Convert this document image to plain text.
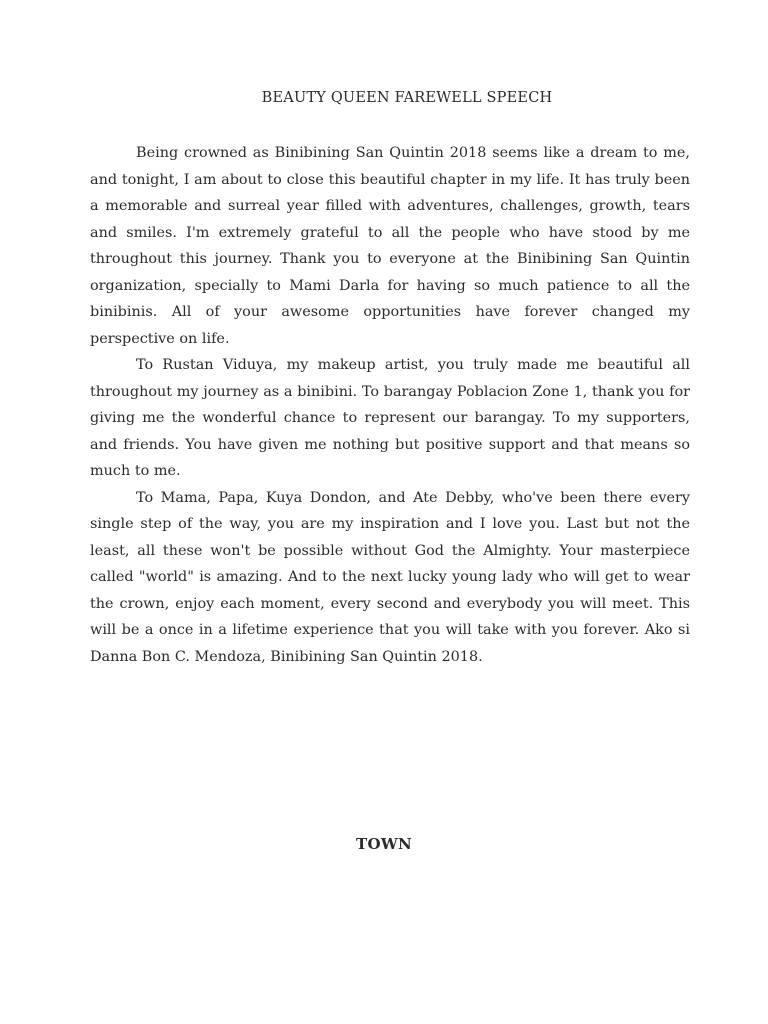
BEAUTY QUEEN FAREWELL SPEECH

Being crowned as Binibining San Quintin 2018 seems like a dream to me, and tonight, I am about to close this beautiful chapter in my life. It has truly been a memorable and surreal year filled with adventures, challenges, growth, tears and smiles. I'm extremely grateful to all the people who have stood by me throughout this journey. Thank you to everyone at the Binibining San Quintin organization, specially to Mami Darla for having so much patience to all the binibinis. All of your awesome opportunities have forever changed my perspective on life.

To Rustan Viduya, my makeup artist, you truly made me beautiful all throughout my journey as a binibini. To barangay Poblacion Zone 1, thank you for giving me the wonderful chance to represent our barangay. To my supporters, and friends. You have given me nothing but positive support and that means so much to me.

To Mama, Papa, Kuya Dondon, and Ate Debby, who've been there every single step of the way, you are my inspiration and I love you. Last but not the least, all these won't be possible without God the Almighty. Your masterpiece called "world" is amazing. And to the next lucky young lady who will get to wear the crown, enjoy each moment, every second and everybody you will meet. This will be a once in a lifetime experience that you will take with you forever. Ako si Danna Bon C. Mendoza, Binibining San Quintin 2018.

TOWN
